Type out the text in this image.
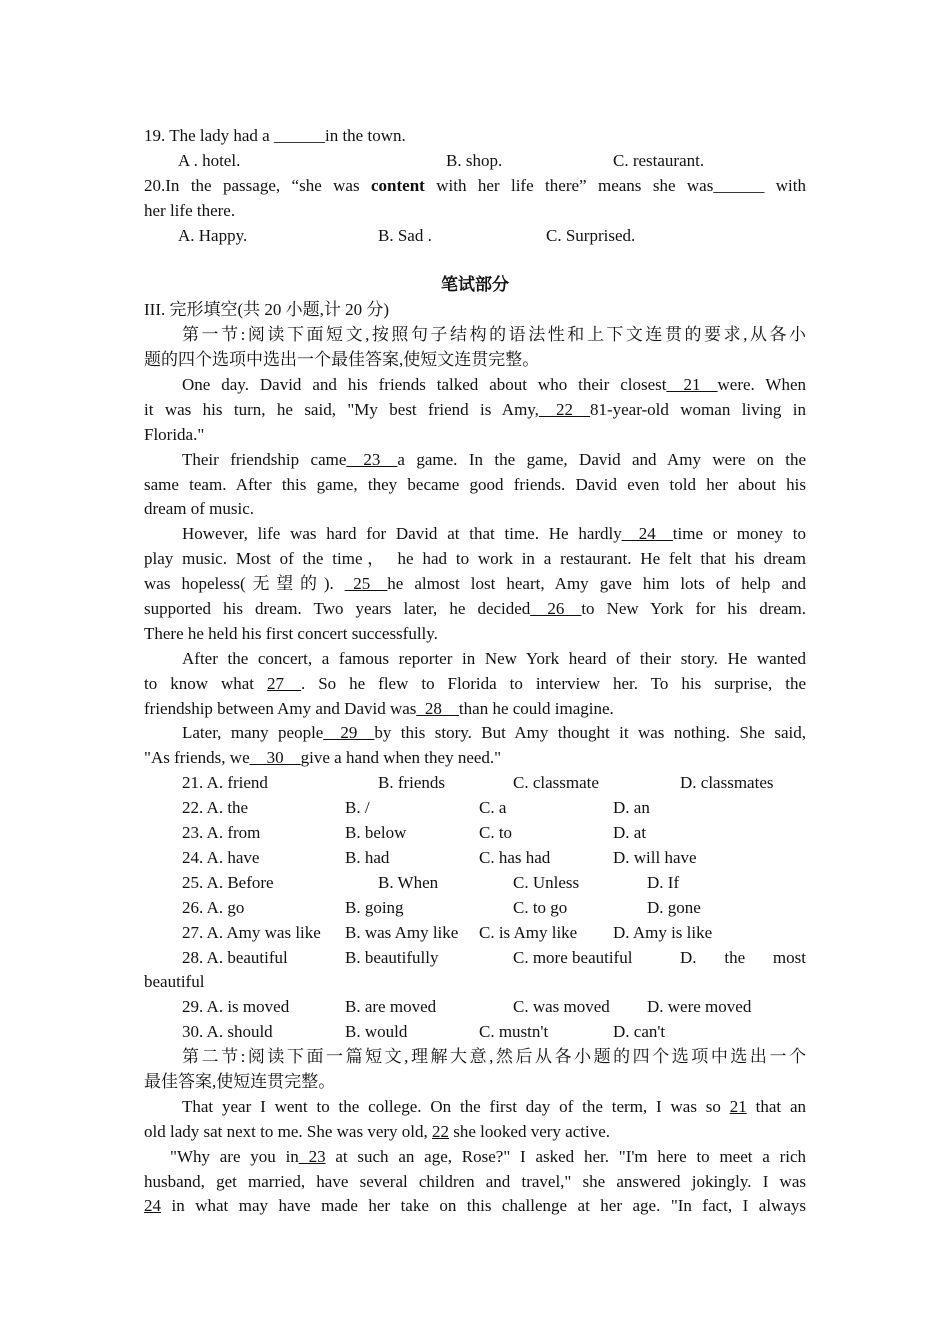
19. The lady had a ______in the town.
A . hotel.	B. shop.	C. restaurant.
20.In the passage, “she was content with her life there” means she was______ with
her life there.
A. Happy.	B. Sad .	C. Surprised.
笔试部分
III. 完形填空(共 20 小题,计 20 分)
第一节:阅读下面短文,按照句子结构的语法性和上下文连贯的要求,从各小
题的四个选项中选出一个最佳答案,使短文连贯完整。
One day. David and his friends talked about who their closest__21__were. When
it was his turn, he said, "My best friend is Amy,__22__81-year-old woman living in
Florida."
Their friendship came__23__a game. In the game, David and Amy were on the
same team. After this game, they became good friends. David even told her about his
dream of music.
However, life was hard for David at that time. He hardly__24__time or money to
play music. Most of the time， he had to work in a restaurant. He felt that his dream
was hopeless(无望的). _25__he almost lost heart, Amy gave him lots of help and
supported his dream. Two years later, he decided__26__to New York for his dream.
There he held his first concert successfully.
After the concert, a famous reporter in New York heard of their story. He wanted
to know what 27__. So he flew to Florida to interview her. To his surprise, the
friendship between Amy and David was_28__than he could imagine.
Later, many people__29__by this story. But Amy thought it was nothing. She said,
"As friends, we__30__give a hand when they need."
21. A. friend	B. friends	C. classmate	D. classmates
22. A. the	B. /	C. a	D. an
23. A. from	B. below	C. to	D. at
24. A. have	B. had	C. has had	D. will have
25. A. Before	B. When	C. Unless	D. If
26. A. go	B. going	C. to go	D. gone
27. A. Amy was like B. was Amy like C. is Amy like D. Amy is like
28. A. beautiful	B. beautifully	C. more beautiful	D. the most
beautiful
29. A. is moved	B. are moved	C. was moved D. were moved
30. A. should	B. would	C. mustn't	D. can't
第二节:阅读下面一篇短文,理解大意,然后从各小题的四个选项中选出一个
最佳答案,使短连贯完整。
That year I went to the college. On the first day of the term, I was so 21 that an
old lady sat next to me. She was very old, 22 she looked very active.
"Why are you in 23 at such an age, Rose?" I asked her. "I'm here to meet a rich
husband, get married, have several children and travel," she answered jokingly. I was
24 in what may have made her take on this challenge at her age. "In fact, I always
